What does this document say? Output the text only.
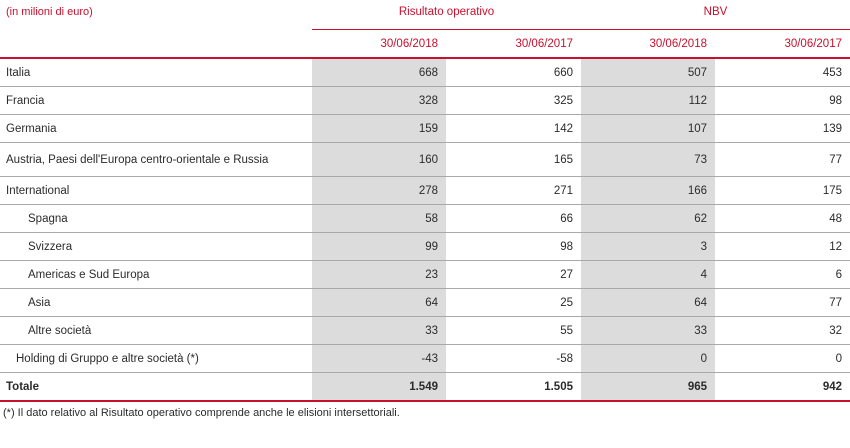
(in milioni di euro)	Risultato operativo		NBV	
	30/06/2018	30/06/2017	30/06/2018	30/06/2017
Italia	668	660	507	453
Francia	328	325	112	98
Germania	159	142	107	139
Austria, Paesi dell'Europa centro-orientale e Russia	160	165	73	77
International	278	271	166	175
Spagna	58	66	62	48
Svizzera	99	98	3	12
Americas e Sud Europa	23	27	4	6
Asia	64	25	64	77
Altre società	33	55	33	32
Holding di Gruppo e altre società (*)	-43	-58	0	0
Totale	1.549	1.505	965	942
(*) Il dato relativo al Risultato operativo comprende anche le elisioni intersettoriali.
